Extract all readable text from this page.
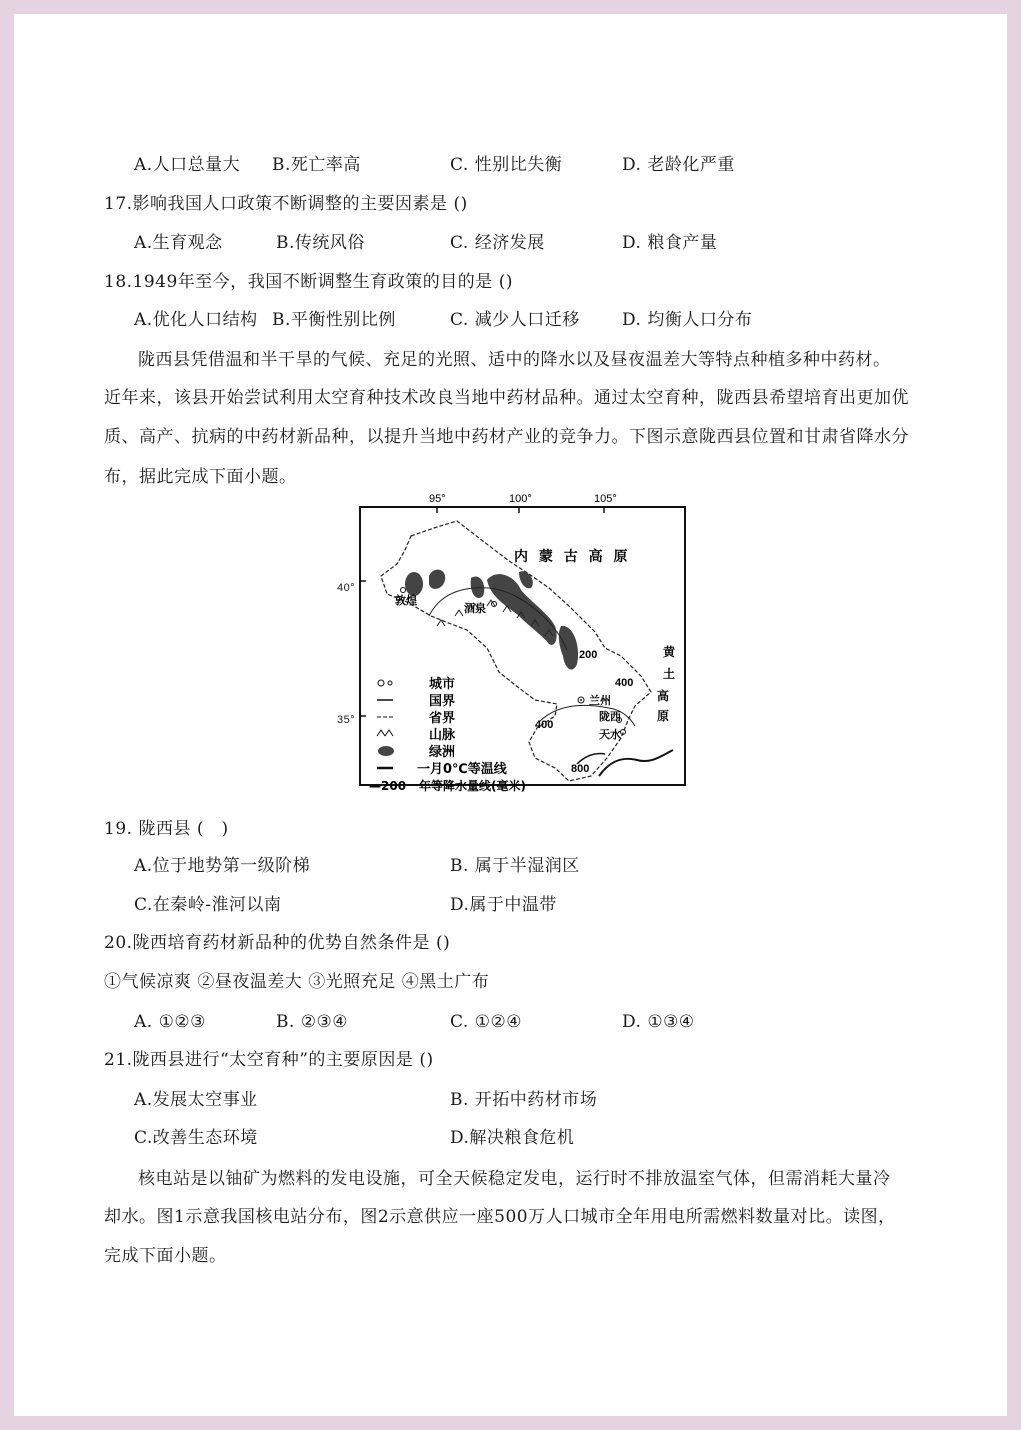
A.人口总量大 B.死亡率高	C. 性别比失衡	D. 老龄化严重
17.影响我国人口政策不断调整的主要因素是 ()
A.生育观念	B.传统风俗	C. 经济发展	D. 粮食产量
18.1949年至今，我国不断调整生育政策的目的是 ()
A.优化人口结构 B.平衡性别比例	C. 减少人口迁移 D. 均衡人口分布
陇西县凭借温和半干旱的气候、充足的光照、适中的降水以及昼夜温差大等特点种植多种中药材。
近年来，该县开始尝试利用太空育种技术改良当地中药材品种。通过太空育种，陇西县希望培育出更加优
质、高产、抗病的中药材新品种，以提升当地中药材产业的竞争力。下图示意陇西县位置和甘肃省降水分
布，据此完成下面小题。
95°	100°	105°
内 蒙 古 高 原
黄
土
高
原
敦煌
酒泉
兰州
陇西
天水
200
400
400
800
城市
国界
省界
山脉
绿洲
一月0℃等温线
—200 年等降水量线(毫米)
40°
35°
19. 陇西县 (　)
A.位于地势第一级阶梯	B. 属于半湿润区
C.在秦岭-淮河以南	D.属于中温带
20.陇西培育药材新品种的优势自然条件是 ()
①气候凉爽 ②昼夜温差大 ③光照充足 ④黑土广布
A. ①②③	B. ②③④	C. ①②④	D. ①③④
21.陇西县进行“太空育种”的主要原因是 ()
A.发展太空事业	B. 开拓中药材市场
C.改善生态环境	D.解决粮食危机
核电站是以铀矿为燃料的发电设施，可全天候稳定发电，运行时不排放温室气体，但需消耗大量冷
却水。图1示意我国核电站分布，图2示意供应一座500万人口城市全年用电所需燃料数量对比。读图，
完成下面小题。
